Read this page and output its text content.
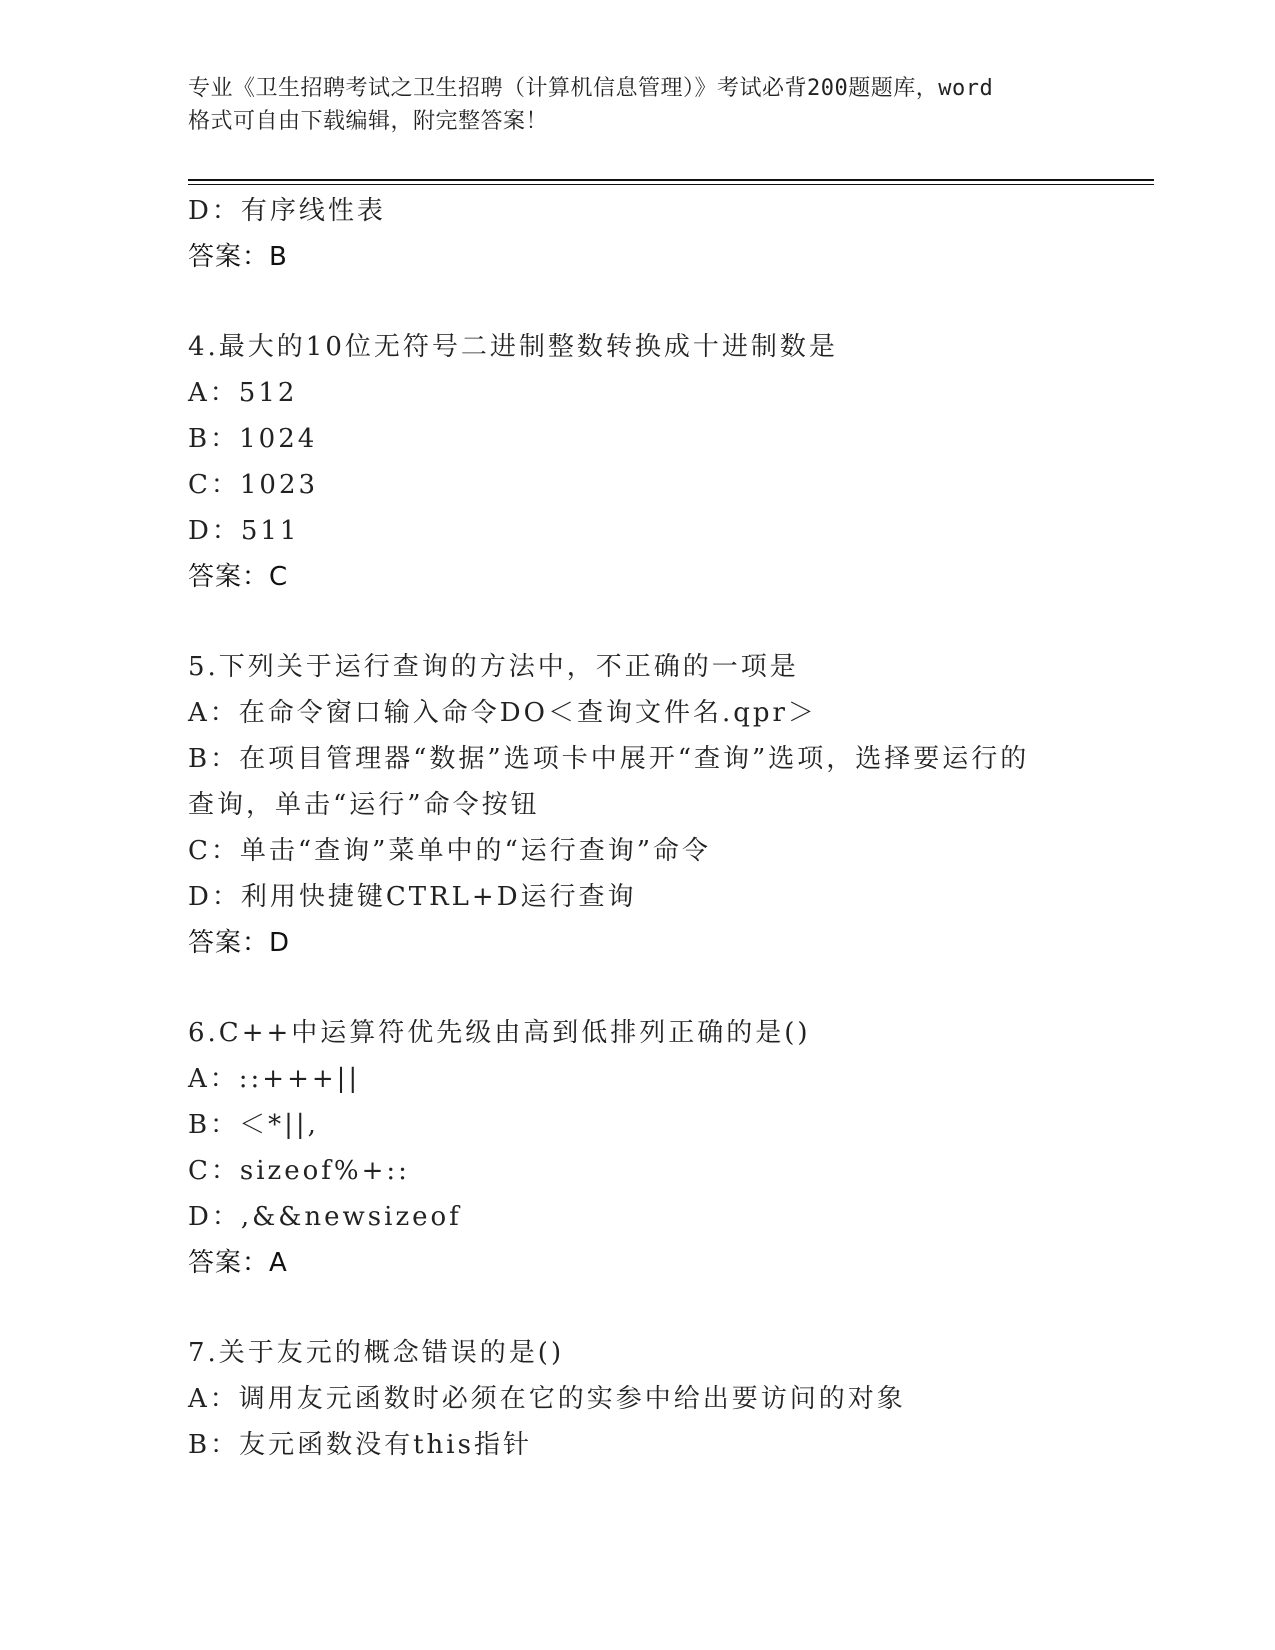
专业《卫生招聘考试之卫生招聘（计算机信息管理）》考试必背200题题库，word
格式可自由下载编辑，附完整答案！
D：有序线性表
答案：B
4.最大的10位无符号二进制整数转换成十进制数是
A：512
B：1024
C：1023
D：511
答案：C
5.下列关于运行查询的方法中，不正确的一项是
A：在命令窗口输入命令DO＜查询文件名.qpr＞
B：在项目管理器“数据”选项卡中展开“查询”选项，选择要运行的
查询，单击“运行”命令按钮
C：单击“查询”菜单中的“运行查询”命令
D：利用快捷键CTRL+D运行查询
答案：D
6.C++中运算符优先级由高到低排列正确的是()
A：::+++||
B：＜*||,
C：sizeof%+::
D：,&&newsizeof
答案：A
7.关于友元的概念错误的是()
A：调用友元函数时必须在它的实参中给出要访问的对象
B：友元函数没有this指针
